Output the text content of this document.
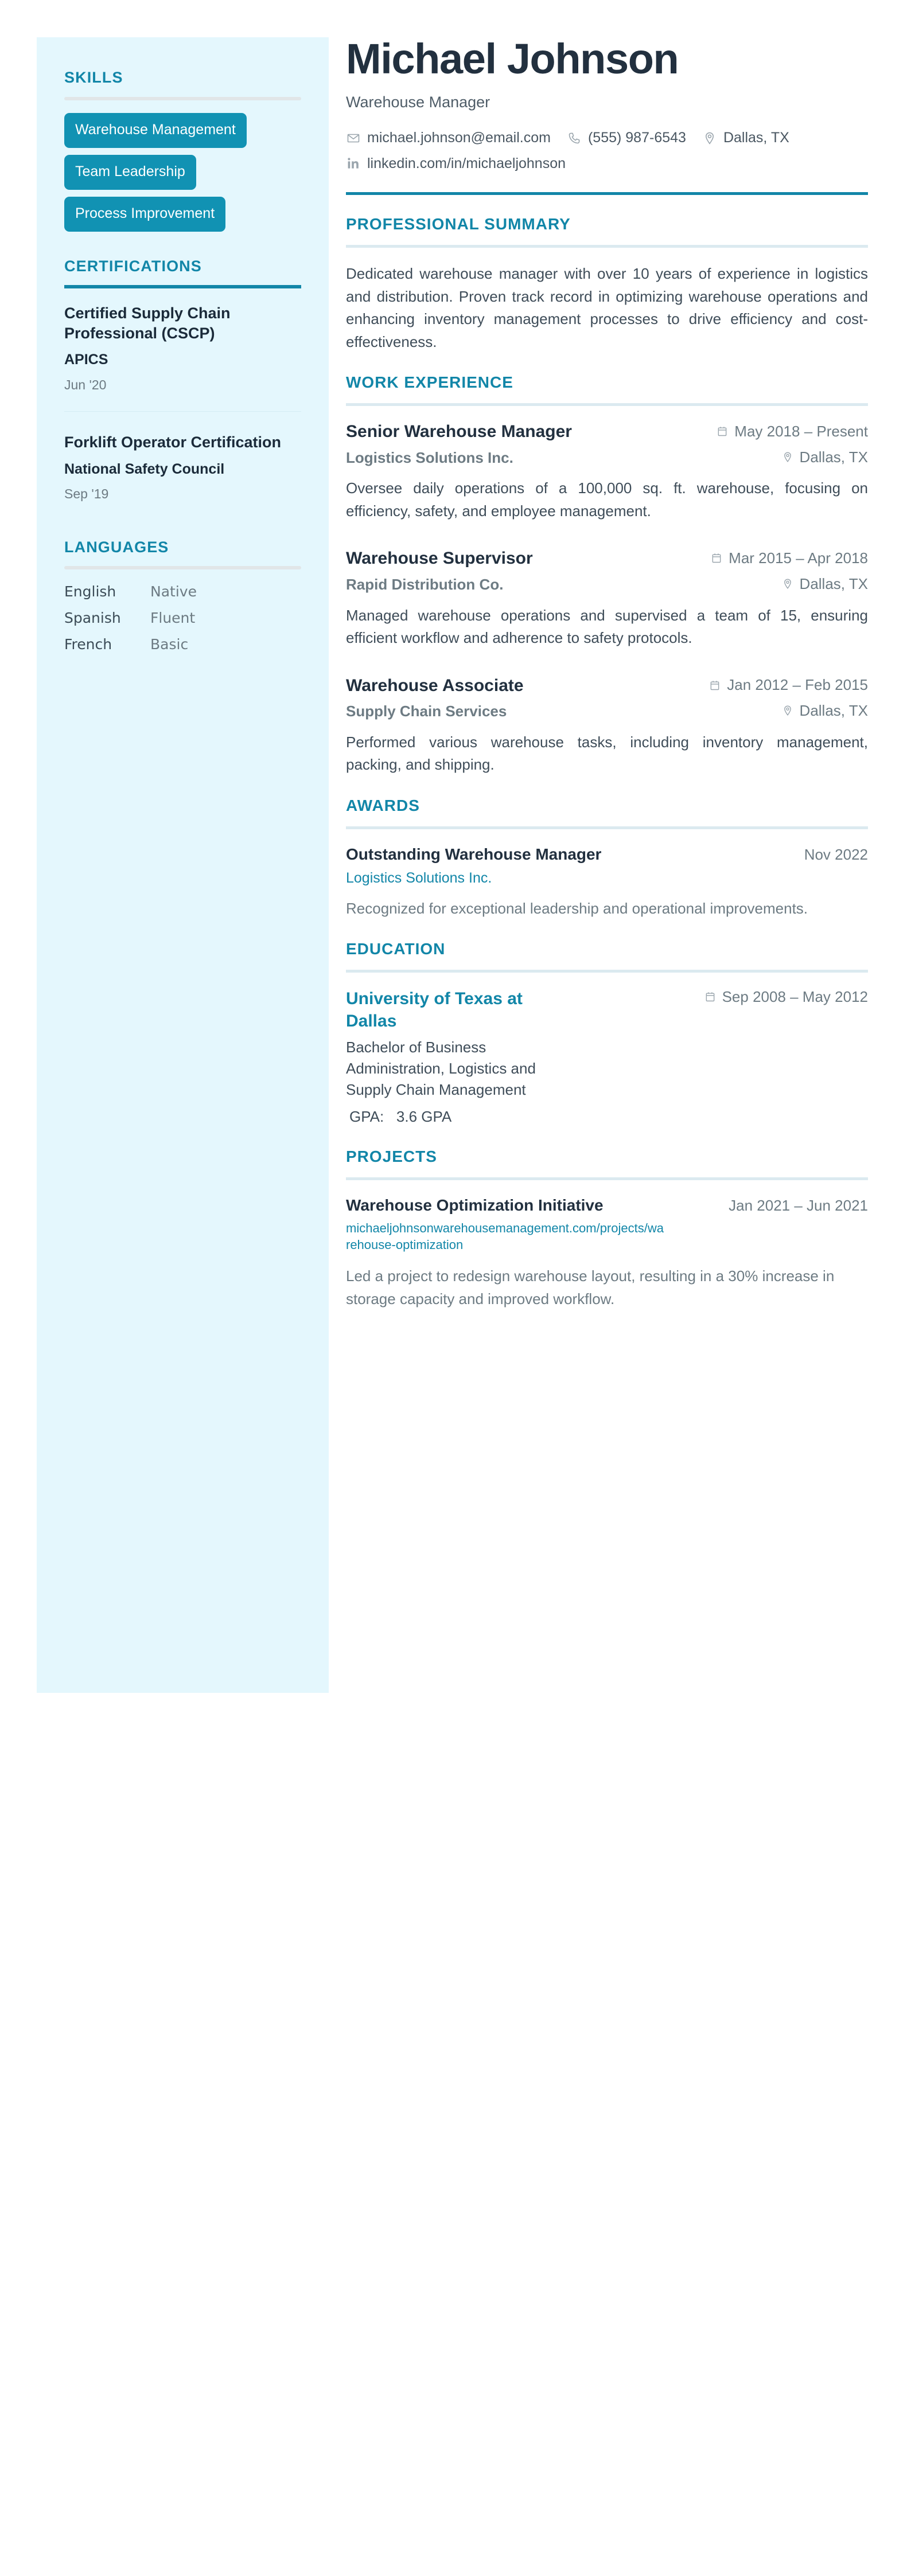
SKILLS
Warehouse Management
Team Leadership
Process Improvement
CERTIFICATIONS
Certified Supply Chain Professional (CSCP)
APICS
Jun '20
Forklift Operator Certification
National Safety Council
Sep '19
LANGUAGES
English	Native
Spanish	Fluent
French	Basic
Michael Johnson
Warehouse Manager
michael.johnson@email.com	(555) 987-6543	Dallas, TX
linkedin.com/in/michaeljohnson
PROFESSIONAL SUMMARY

Dedicated warehouse manager with over 10 years of experience in logistics and distribution. Proven track record in optimizing warehouse operations and enhancing inventory management processes to drive efficiency and cost-effectiveness.

WORK EXPERIENCE
Senior Warehouse Manager	May 2018 – Present
Logistics Solutions Inc.	Dallas, TX
Oversee daily operations of a 100,000 sq. ft. warehouse, focusing on efficiency, safety, and employee management.
Warehouse Supervisor	Mar 2015 – Apr 2018
Rapid Distribution Co.	Dallas, TX
Managed warehouse operations and supervised a team of 15, ensuring efficient workflow and adherence to safety protocols.
Warehouse Associate	Jan 2012 – Feb 2015
Supply Chain Services	Dallas, TX
Performed various warehouse tasks, including inventory management, packing, and shipping.
AWARDS
Outstanding Warehouse Manager	Nov 2022
Logistics Solutions Inc.
Recognized for exceptional leadership and operational improvements.
EDUCATION
University of Texas at Dallas
Bachelor of Business Administration, Logistics and Supply Chain Management
GPA: 3.6 GPA
Sep 2008 – May 2012
PROJECTS
Warehouse Optimization Initiative	Jan 2021 – Jun 2021
michaeljohnsonwarehousemanagement.com/projects/warehouse-optimization
Led a project to redesign warehouse layout, resulting in a 30% increase in storage capacity and improved workflow.
